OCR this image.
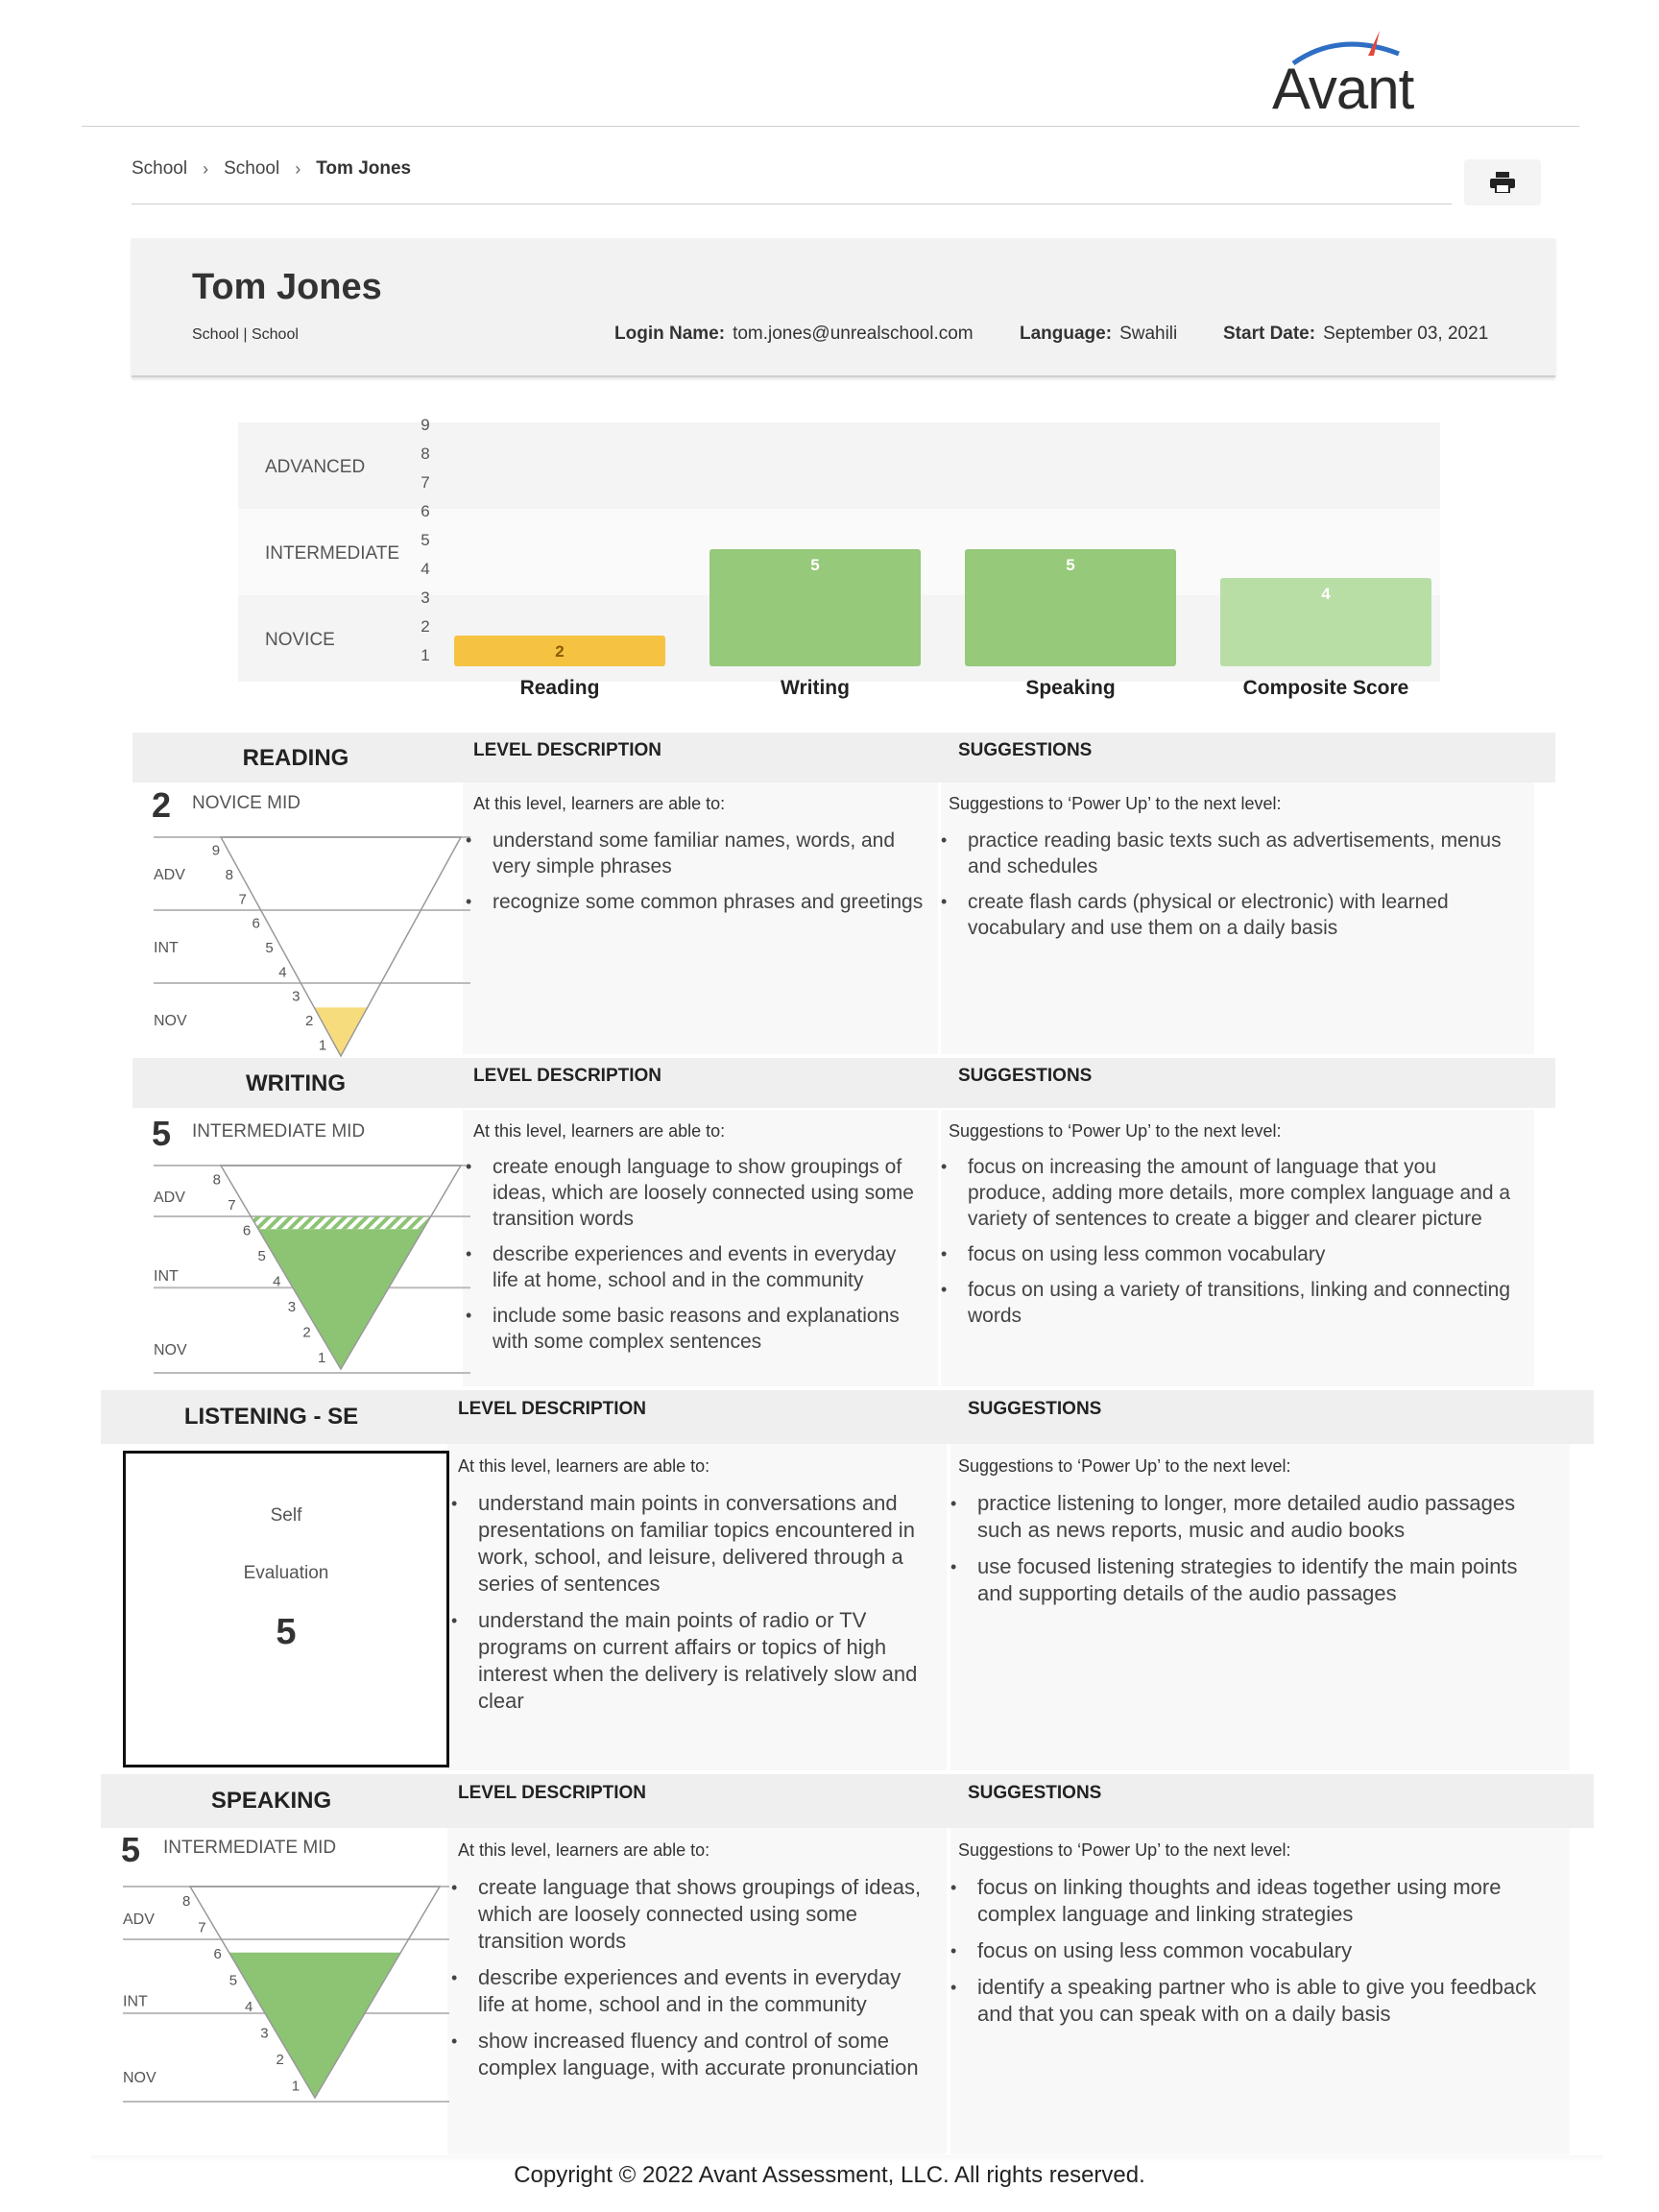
Avant
School › School › Tom Jones
Tom Jones
School | School	Login Name: tom.jones@unrealschool.com	Language: Swahili	Start Date: September 03, 2021
ADVANCED
INTERMEDIATE
NOVICE
1
2
3
4
5
6
7
8
9
2
Reading
5
Writing
5
Speaking
4
Composite Score
READING	LEVEL DESCRIPTION	SUGGESTIONS
2 NOVICE MID
9
8
7
6
5
4
3
2
1
ADV
INT
NOV
At this level, learners are able to:
• understand some familiar names, words, and very simple phrases
• recognize some common phrases and greetings
Suggestions to ‘Power Up’ to the next level:
• practice reading basic texts such as advertisements, menus and schedules
• create flash cards (physical or electronic) with learned vocabulary and use them on a daily basis
WRITING	LEVEL DESCRIPTION	SUGGESTIONS
5 INTERMEDIATE MID
8
7
6
5
4
3
2
1
ADV
INT
NOV
At this level, learners are able to:
• create enough language to show groupings of ideas, which are loosely connected using some transition words
• describe experiences and events in everyday life at home, school and in the community
• include some basic reasons and explanations with some complex sentences
Suggestions to ‘Power Up’ to the next level:
• focus on increasing the amount of language that you produce, adding more details, more complex language and a variety of sentences to create a bigger and clearer picture
• focus on using less common vocabulary
• focus on using a variety of transitions, linking and connecting words
LISTENING - SE	LEVEL DESCRIPTION	SUGGESTIONS
Self
Evaluation
5
At this level, learners are able to:
• understand main points in conversations and presentations on familiar topics encountered in work, school, and leisure, delivered through a series of sentences
• understand the main points of radio or TV programs on current affairs or topics of high interest when the delivery is relatively slow and clear
Suggestions to ‘Power Up’ to the next level:
• practice listening to longer, more detailed audio passages such as news reports, music and audio books
• use focused listening strategies to identify the main points and supporting details of the audio passages
SPEAKING	LEVEL DESCRIPTION	SUGGESTIONS
5 INTERMEDIATE MID
8
7
6
5
4
3
2
1
ADV
INT
NOV
At this level, learners are able to:
• create language that shows groupings of ideas, which are loosely connected using some transition words
• describe experiences and events in everyday life at home, school and in the community
• show increased fluency and control of some complex language, with accurate pronunciation
Suggestions to ‘Power Up’ to the next level:
• focus on linking thoughts and ideas together using more complex language and linking strategies
• focus on using less common vocabulary
• identify a speaking partner who is able to give you feedback and that you can speak with on a daily basis
Copyright © 2022 Avant Assessment, LLC. All rights reserved.
